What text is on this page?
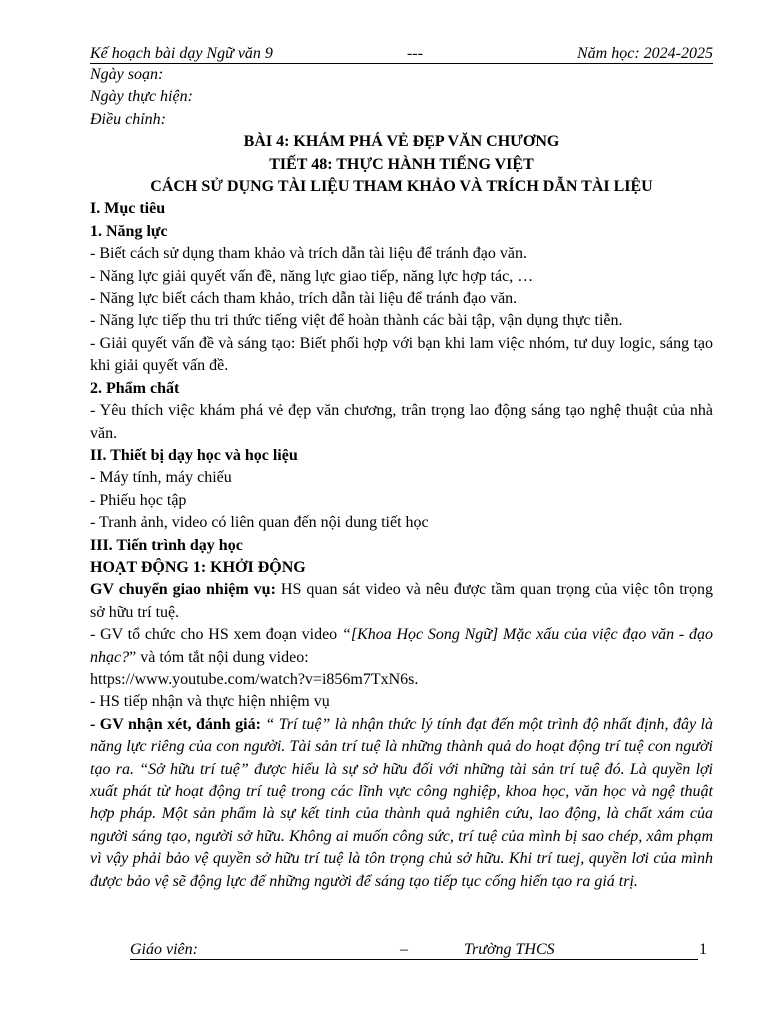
Kế hoạch bài dạy Ngữ văn 9	---	Năm học: 2024-2025

Ngày soạn:

Ngày thực hiện:

Điều chỉnh:

BÀI 4: KHÁM PHÁ VẺ ĐẸP VĂN CHƯƠNG

TIẾT 48: THỰC HÀNH TIẾNG VIỆT

CÁCH SỬ DỤNG TÀI LIỆU THAM KHẢO VÀ TRÍCH DẪN TÀI LIỆU

I. Mục tiêu

1. Năng lực

- Biết cách sử dụng tham khảo và trích dẫn tài liệu để tránh đạo văn.

- Năng lực giải quyết vấn đề, năng lực giao tiếp, năng lực hợp tác, …

- Năng lực biết cách tham khảo, trích dẫn tài liệu để tránh đạo văn.

- Năng lực tiếp thu tri thức tiếng việt để hoàn thành các bài tập, vận dụng thực tiễn.

- Giải quyết vấn đề và sáng tạo: Biết phối hợp với bạn khi lam việc nhóm, tư duy logic, sáng tạo khi giải quyết vấn đề.

2. Phẩm chất

- Yêu thích việc khám phá vẻ đẹp văn chương, trân trọng lao động sáng tạo nghệ thuật của nhà văn.

II. Thiết bị dạy học và học liệu

- Máy tính, máy chiếu

- Phiếu học tập

- Tranh ảnh, video có liên quan đến nội dung tiết học

III. Tiến trình dạy học

HOẠT ĐỘNG 1: KHỞI ĐỘNG

GV chuyển giao nhiệm vụ: HS quan sát video và nêu được tầm quan trọng của việc tôn trọng sở hữu trí tuệ.

- GV tổ chức cho HS xem đoạn video “[Khoa Học Song Ngữ] Mặc xấu của việc đạo văn - đạo nhạc?” và tóm tắt nội dung video:

https://www.youtube.com/watch?v=i856m7TxN6s.

- HS tiếp nhận và thực hiện nhiệm vụ

- GV nhận xét, đánh giá: “ Trí tuệ” là nhận thức lý tính đạt đến một trình độ nhất định, đây là năng lực riêng của con người. Tài sản trí tuệ là những thành quả do hoạt động trí tuệ con người tạo ra. “Sở hữu trí tuệ” được hiểu là sự sở hữu đối với những tài sản trí tuệ đó. Là quyền lợi xuất phát từ hoạt động trí tuệ trong các lĩnh vực công nghiệp, khoa học, văn học và ngệ thuật hợp pháp. Một sản phẩm là sự kết tinh của thành quả nghiên cứu, lao động, là chất xám của người sáng tạo, người sở hữu. Không ai muốn công sức, trí tuệ của mình bị sao chép, xâm phạm vì vậy phải bảo vệ quyền sở hữu trí tuệ là tôn trọng chủ sở hữu. Khi trí tuej, quyền lơi của mình được bảo vệ sẽ động lực để những người để sáng tạo tiếp tục cống hiến tạo ra giá trị.

Giáo viên:	–	Trường THCS	1
